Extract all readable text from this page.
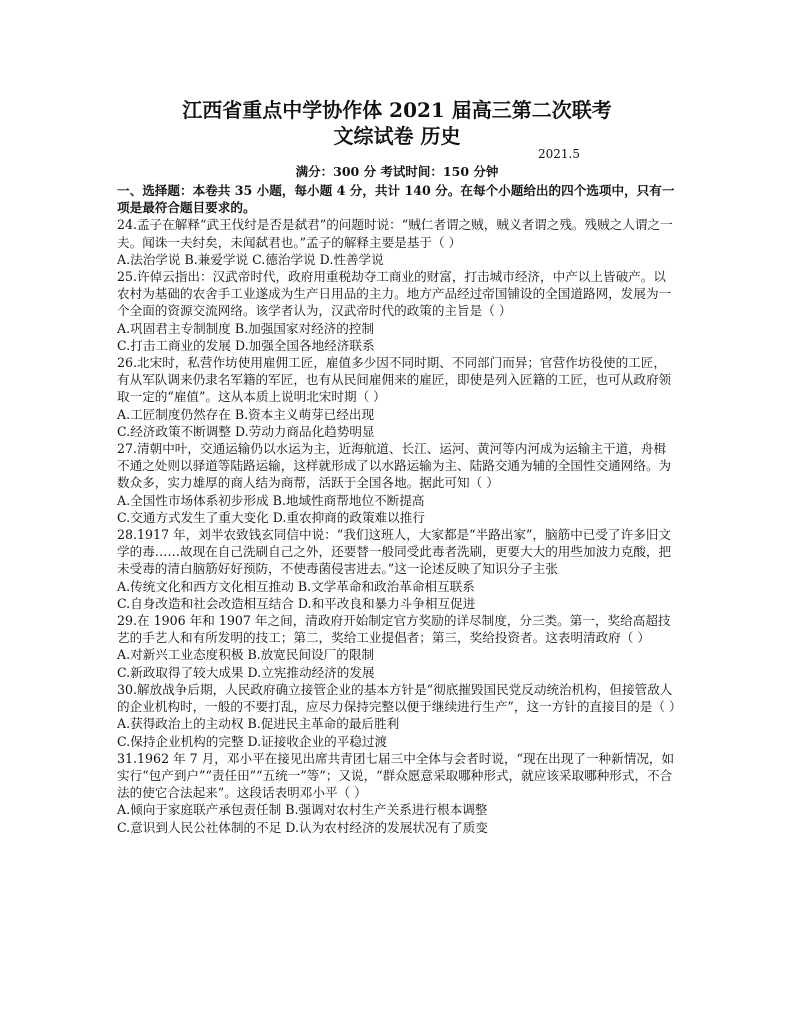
江西省重点中学协作体 2021 届高三第二次联考
文综试卷 历史
2021.5
满分：300 分 考试时间：150 分钟

一、选择题：本卷共 35 小题，每小题 4 分，共计 140 分。在每个小题给出的四个选项中，只有一项是最符合题目要求的。

24.孟子在解释“武王伐纣是否是弑君”的问题时说：“贼仁者谓之贼，贼义者谓之残。残贼之人谓之一夫。闻诛一夫纣矣，未闻弑君也。”孟子的解释主要是基于（ ）

A.法治学说 B.兼爱学说 C.德治学说 D.性善学说

25.许倬云指出：汉武帝时代，政府用重税劫夺工商业的财富，打击城市经济，中产以上皆破产。以农村为基础的农舍手工业遂成为生产日用品的主力。地方产品经过帝国铺设的全国道路网，发展为一个全面的资源交流网络。该学者认为，汉武帝时代的政策的主旨是（ ）

A.巩固君主专制制度 B.加强国家对经济的控制

C.打击工商业的发展 D.加强全国各地经济联系

26.北宋时，私营作坊使用雇佣工匠，雇值多少因不同时期、不同部门而异；官营作坊役使的工匠，有从军队调来仍隶名军籍的军匠，也有从民间雇佣来的雇匠，即使是列入匠籍的工匠，也可从政府领取一定的“雇值”。这从本质上说明北宋时期（ ）

A.工匠制度仍然存在 B.资本主义萌芽已经出现

C.经济政策不断调整 D.劳动力商品化趋势明显

27.清朝中叶，交通运输仍以水运为主，近海航道、长江、运河、黄河等内河成为运输主干道，舟楫不通之处则以驿道等陆路运输，这样就形成了以水路运输为主、陆路交通为辅的全国性交通网络。为数众多，实力雄厚的商人结为商帮，活跃于全国各地。据此可知（ ）

A.全国性市场体系初步形成 B.地域性商帮地位不断提高

C.交通方式发生了重大变化 D.重农抑商的政策难以推行

28.1917 年，刘半农致钱玄同信中说：“我们这班人，大家都是“半路出家”，脑筋中已受了许多旧文学的毒……故现在自己洗刷自己之外，还要替一般同受此毒者洗刷，更要大大的用些加波力克酸，把未受毒的清白脑筋好好预防，不使毒菌侵害进去。”这一论述反映了知识分子主张

A.传统文化和西方文化相互推动 B.文学革命和政治革命相互联系

C.自身改造和社会改造相互结合 D.和平改良和暴力斗争相互促进

29.在 1906 年和 1907 年之间，清政府开始制定官方奖励的详尽制度，分三类。第一，奖给高超技艺的手艺人和有所发明的技工；第二，奖给工业提倡者；第三，奖给投资者。这表明清政府（ ）

A.对新兴工业态度积极 B.放宽民间设厂的限制

C.新政取得了较大成果 D.立宪推动经济的发展

30.解放战争后期，人民政府确立接管企业的基本方针是“彻底摧毁国民党反动统治机构，但接管敌人的企业机构时，一般的不要打乱，应尽力保持完整以便于继续进行生产”，这一方针的直接目的是（ ）

A.获得政治上的主动权 B.促进民主革命的最后胜利

C.保持企业机构的完整 D.证接收企业的平稳过渡

31.1962 年 7 月，邓小平在接见出席共青团七届三中全体与会者时说，“现在出现了一种新情况，如实行“包产到户”“责任田”“五统一”等”；又说，“群众愿意采取哪种形式，就应该采取哪种形式，不合法的使它合法起来”。这段话表明邓小平（ ）

A.倾向于家庭联产承包责任制 B.强调对农村生产关系进行根本调整

C.意识到人民公社体制的不足 D.认为农村经济的发展状况有了质变
